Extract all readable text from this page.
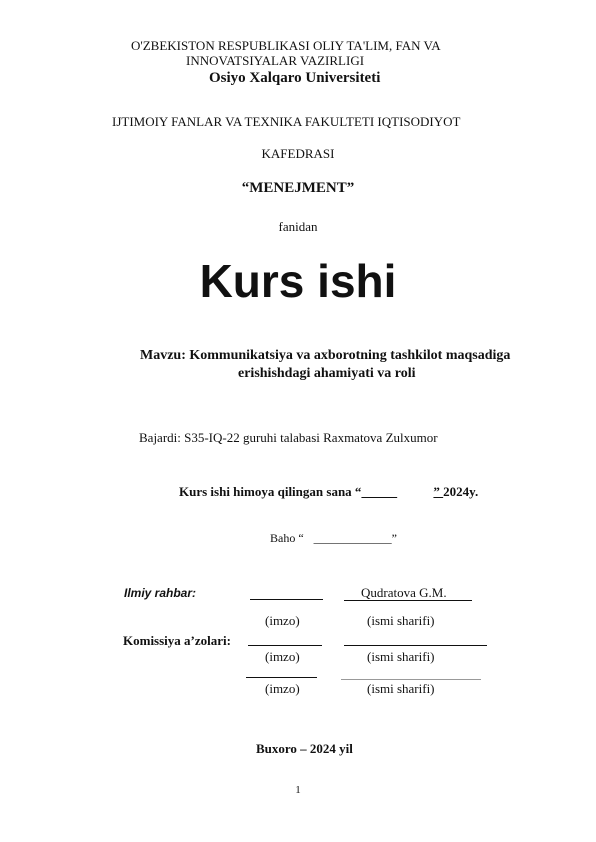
O'ZBEKISTON RESPUBLIKASI OLIY TA'LIM, FAN VA
INNOVATSIYALAR VAZIRLIGI
Osiyo Xalqaro Universiteti
IJTIMOIY FANLAR VA TEXNIKA FAKULTETI IQTISODIYOT
KAFEDRASI
“MENEJMENT”
fanidan
Kurs ishi
Mavzu: Kommunikatsiya va axborotning tashkilot maqsadiga
erishishdagi ahamiyati va roli
Bajardi: S35-IQ-22 guruhi talabasi Raxmatova Zulxumor
Kurs ishi himoya qilingan sana “	” 2024y.
Baho “ _____________”
Ilmiy rahbar:	Qudratova G.M.
(imzo)	(ismi sharifi)
Komissiya a’zolari:
(imzo)	(ismi sharifi)
(imzo)	(ismi sharifi)
Buxoro – 2024 yil
1
